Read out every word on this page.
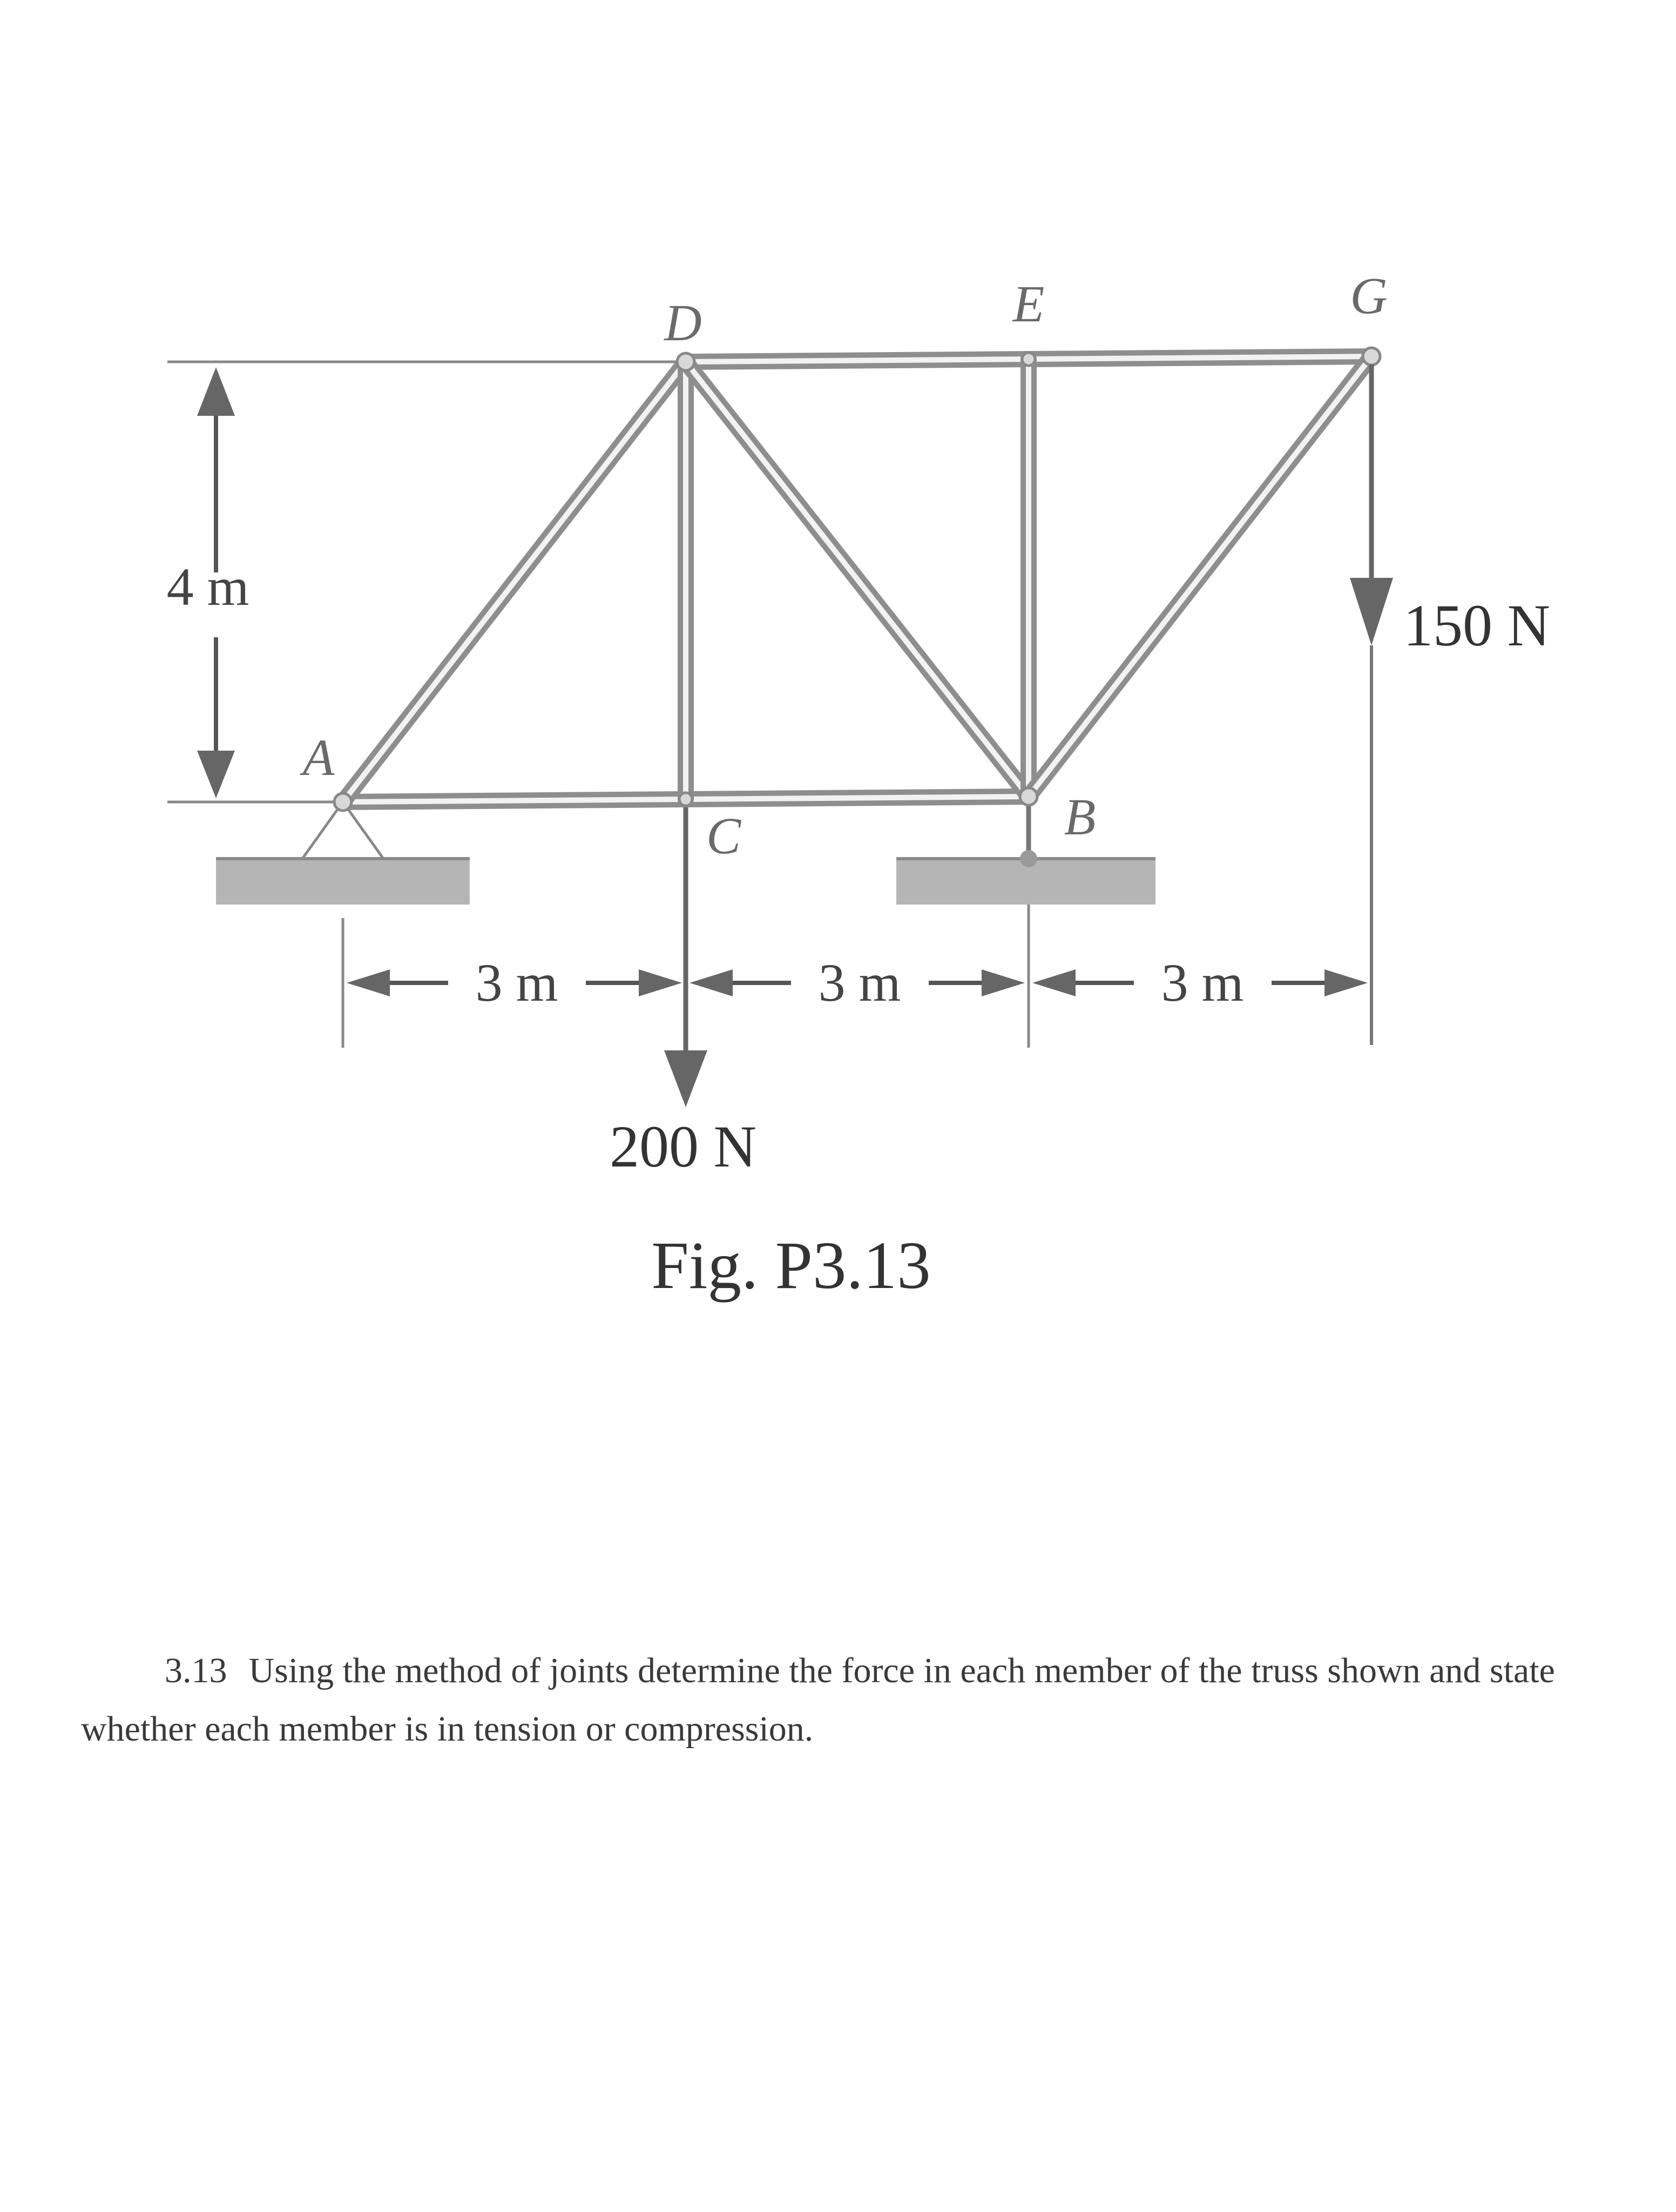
4 m
A
C	B
D	E	G
200 N
150 N
3 m	3 m	3 m
Fig. P3.13
3.13 Using the method of joints determine the force in each member of the truss shown and state whether each member is in tension or compression.
